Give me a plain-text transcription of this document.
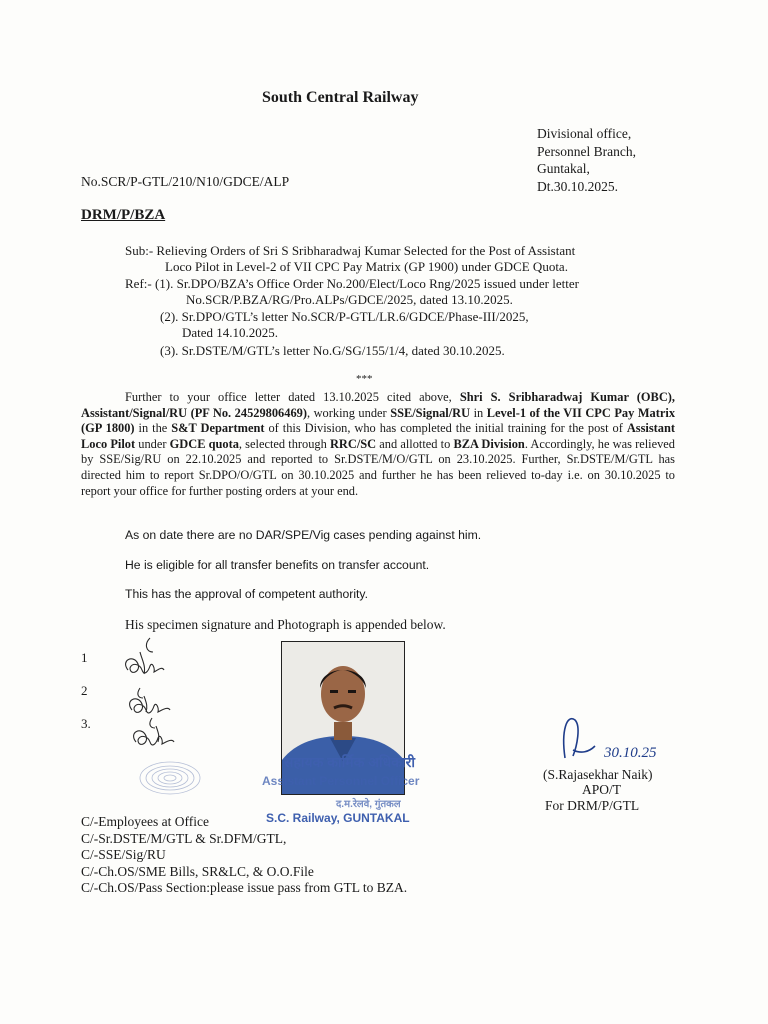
South Central Railway
Divisional office,
Personnel Branch,
Guntakal,
Dt.30.10.2025.
No.SCR/P-GTL/210/N10/GDCE/ALP
DRM/P/BZA
Sub:- Relieving Orders of Sri S Sribharadwaj Kumar Selected for the Post of Assistant
Loco Pilot in Level-2 of VII CPC Pay Matrix (GP 1900) under GDCE Quota.
Ref:- (1). Sr.DPO/BZA’s Office Order No.200/Elect/Loco Rng/2025 issued under letter
No.SCR/P.BZA/RG/Pro.ALPs/GDCE/2025, dated 13.10.2025.
(2). Sr.DPO/GTL’s letter No.SCR/P-GTL/LR.6/GDCE/Phase-III/2025,
Dated 14.10.2025.
(3). Sr.DSTE/M/GTL’s letter No.G/SG/155/1/4, dated 30.10.2025.
***
Further to your office letter dated 13.10.2025 cited above, Shri S. Sribharadwaj Kumar (OBC), Assistant/Signal/RU (PF No. 24529806469), working under SSE/Signal/RU in Level-1 of the VII CPC Pay Matrix (GP 1800) in the S&T Department of this Division, who has completed the initial training for the post of Assistant Loco Pilot under GDCE quota, selected through RRC/SC and allotted to BZA Division. Accordingly, he was relieved by SSE/Sig/RU on 22.10.2025 and reported to Sr.DSTE/M/O/GTL on 23.10.2025. Further, Sr.DSTE/M/GTL has directed him to report Sr.DPO/O/GTL on 30.10.2025 and further he has been relieved to-day i.e. on 30.10.2025 to report your office for further posting orders at your end.
As on date there are no DAR/SPE/Vig cases pending against him.
He is eligible for all transfer benefits on transfer account.
This has the approval of competent authority.
His specimen signature and Photograph is appended below.
1
2
3.
सहायक कार्मिक अधिकारी
Assistant Personnel Officer
द.म.रेलवे, गुंतकल
S.C. Railway, GUNTAKAL
30.10.25
(S.Rajasekhar Naik)
APO/T
For DRM/P/GTL
C/-Employees at Office
C/-Sr.DSTE/M/GTL & Sr.DFM/GTL,
C/-SSE/Sig/RU
C/-Ch.OS/SME Bills, SR&LC, & O.O.File
C/-Ch.OS/Pass Section:please issue pass from GTL to BZA.
